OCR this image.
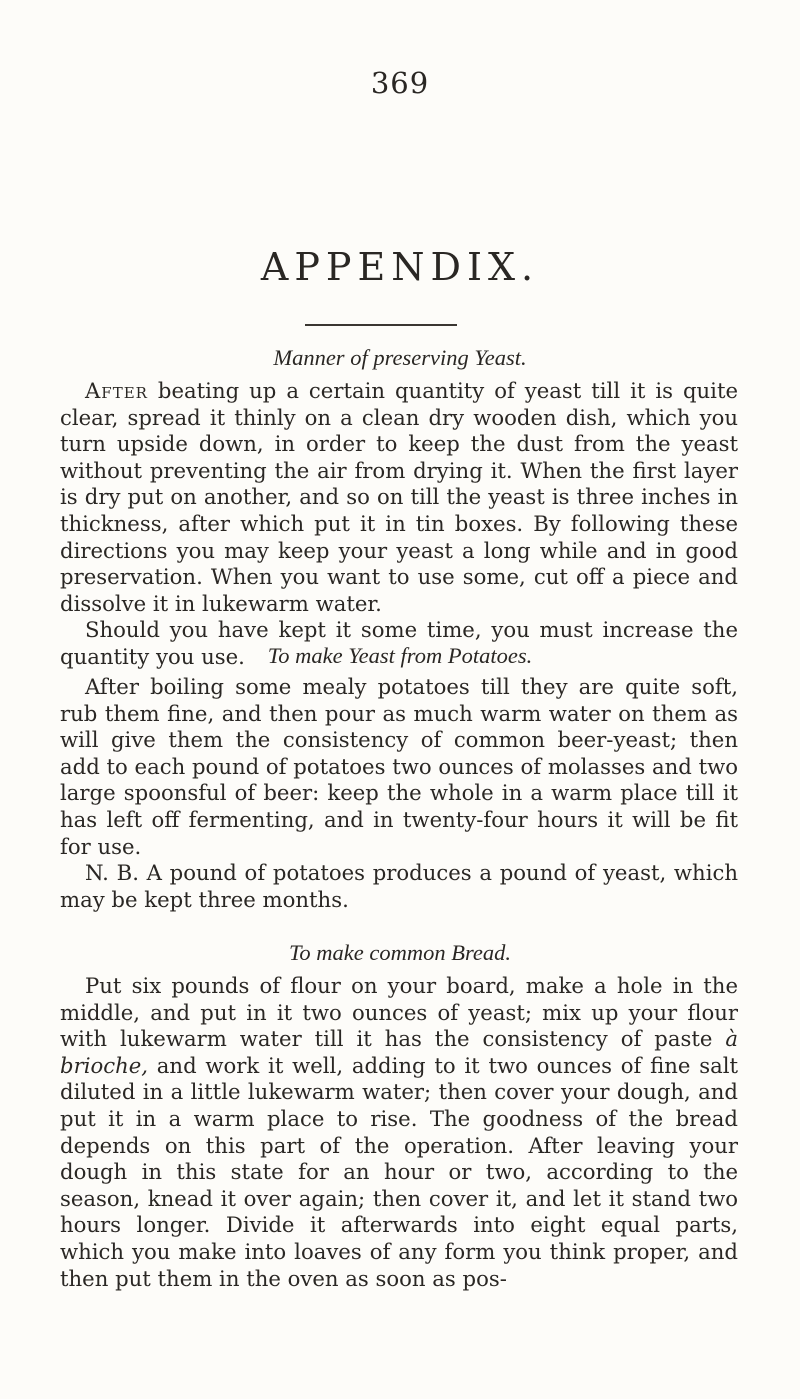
369
APPENDIX.

Manner of preserving Yeast.

After beating up a certain quantity of yeast till it is quite clear, spread it thinly on a clean dry wooden dish, which you turn upside down, in order to keep the dust from the yeast without preventing the air from drying it. When the first layer is dry put on another, and so on till the yeast is three inches in thickness, after which put it in tin boxes. By following these directions you may keep your yeast a long while and in good preservation. When you want to use some, cut off a piece and dissolve it in lukewarm water.

Should you have kept it some time, you must increase the quantity you use.	To make Yeast from Potatoes.

After boiling some mealy potatoes till they are quite soft, rub them fine, and then pour as much warm water on them as will give them the consistency of common beer-yeast; then add to each pound of potatoes two ounces of molasses and two large spoonsful of beer: keep the whole in a warm place till it has left off fermenting, and in twenty-four hours it will be fit for use.

N. B. A pound of potatoes produces a pound of yeast, which may be kept three months.

To make common Bread.

Put six pounds of flour on your board, make a hole in the middle, and put in it two ounces of yeast; mix up your flour with lukewarm water till it has the consistency of paste à brioche, and work it well, adding to it two ounces of fine salt diluted in a little lukewarm water; then cover your dough, and put it in a warm place to rise. The goodness of the bread depends on this part of the operation. After leaving your dough in this state for an hour or two, according to the season, knead it over again; then cover it, and let it stand two hours longer. Divide it afterwards into eight equal parts, which you make into loaves of any form you think proper, and then put them in the oven as soon as pos-
